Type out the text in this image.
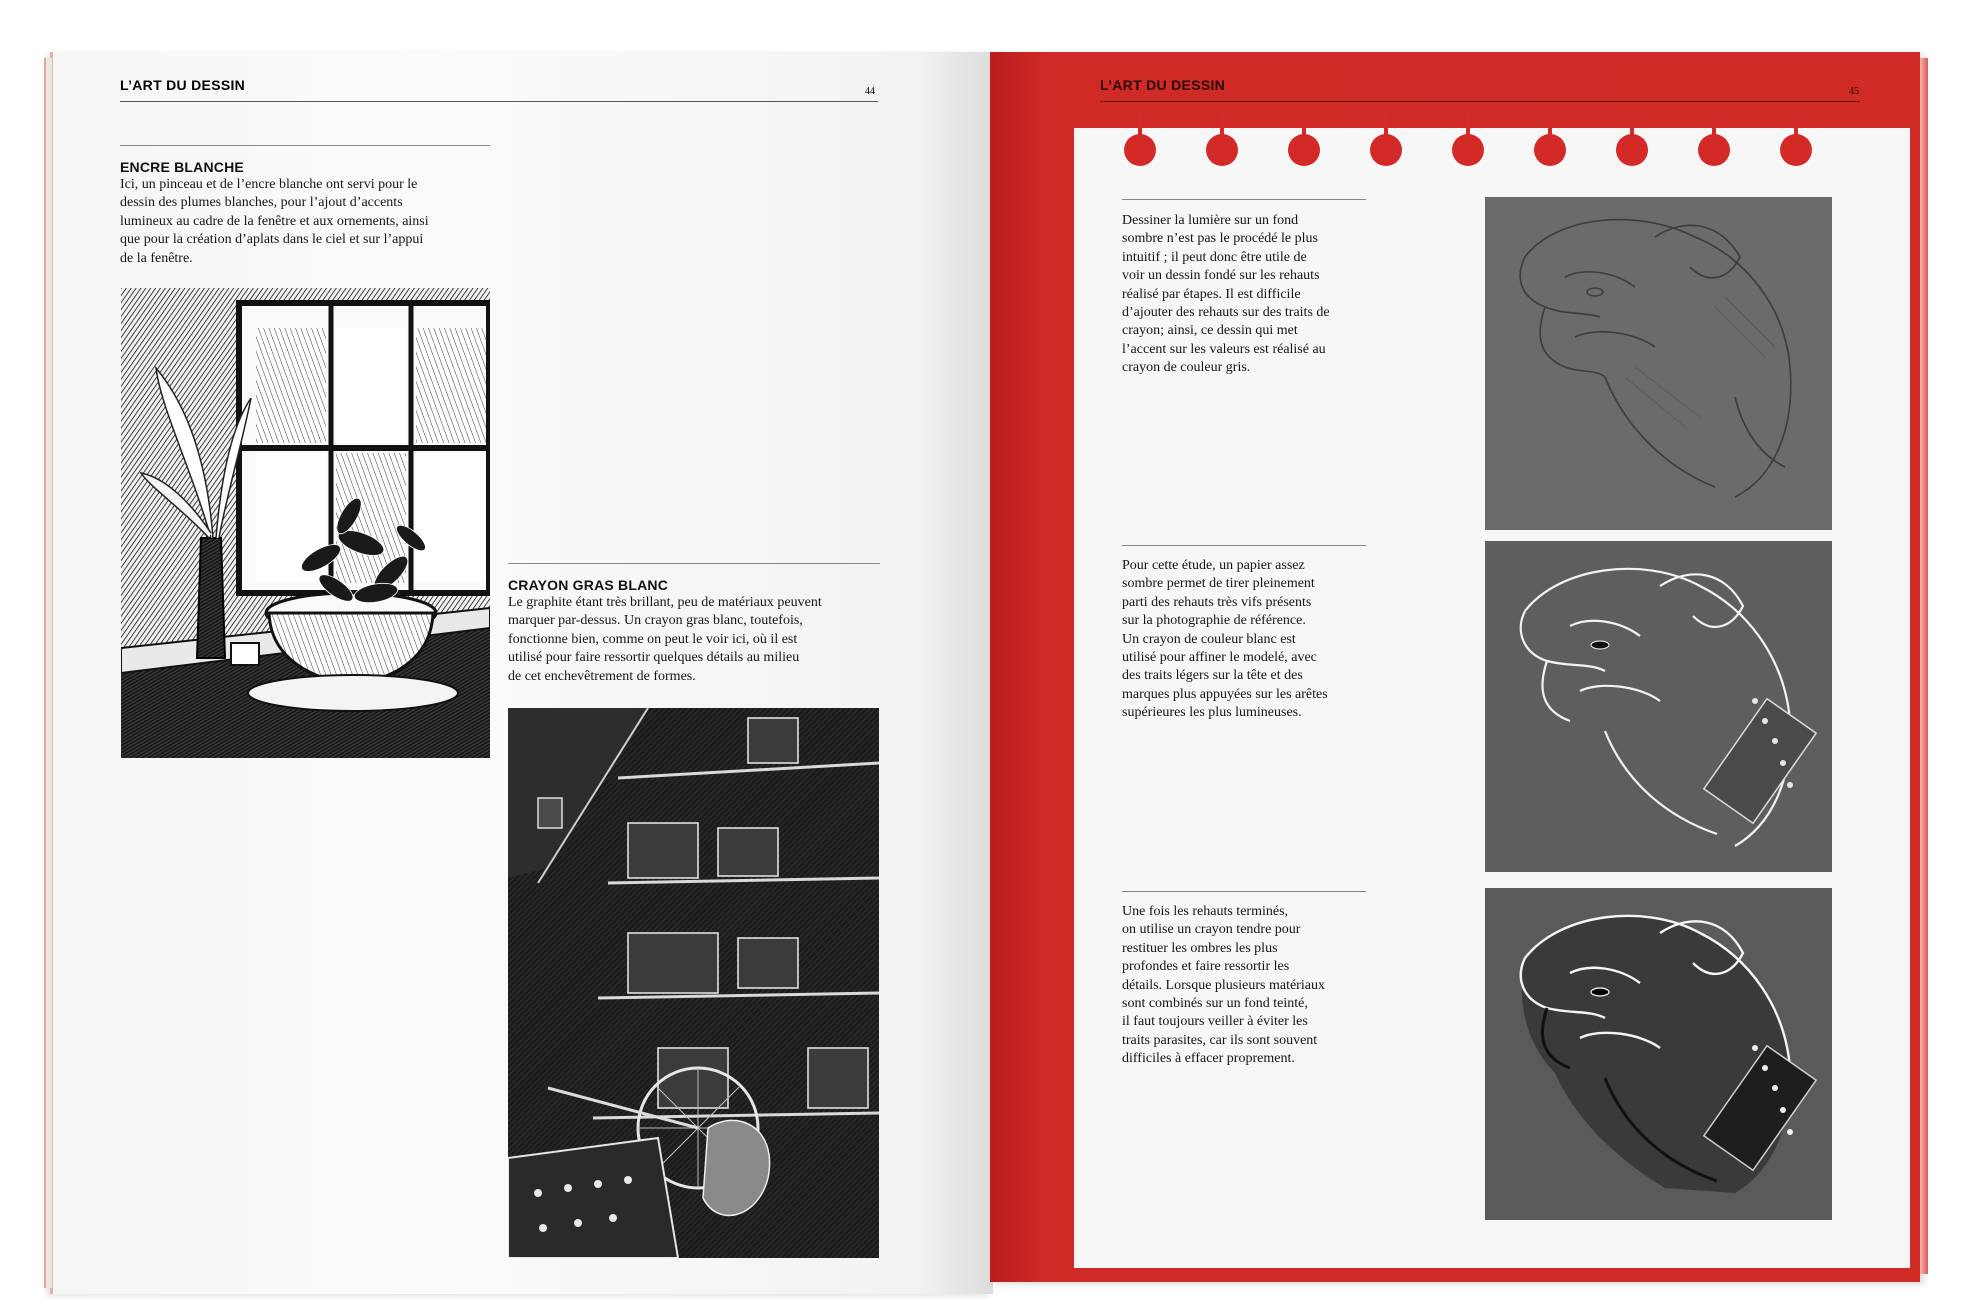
L’ART DU DESSIN	44
ENCRE BLANCHE
Ici, un pinceau et de l’encre blanche ont servi pour le
dessin des plumes blanches, pour l’ajout d’accents
lumineux au cadre de la fenêtre et aux ornements, ainsi
que pour la création d’aplats dans le ciel et sur l’appui
de la fenêtre.
CRAYON GRAS BLANC
Le graphite étant très brillant, peu de matériaux peuvent
marquer par-dessus. Un crayon gras blanc, toutefois,
fonctionne bien, comme on peut le voir ici, où il est
utilisé pour faire ressortir quelques détails au milieu
de cet enchevêtrement de formes.
L’ART DU DESSIN	45
Dessiner la lumière sur un fond
sombre n’est pas le procédé le plus
intuitif ; il peut donc être utile de
voir un dessin fondé sur les rehauts
réalisé par étapes. Il est difficile
d’ajouter des rehauts sur des traits de
crayon; ainsi, ce dessin qui met
l’accent sur les valeurs est réalisé au
crayon de couleur gris.
Pour cette étude, un papier assez
sombre permet de tirer pleinement
parti des rehauts très vifs présents
sur la photographie de référence.
Un crayon de couleur blanc est
utilisé pour affiner le modelé, avec
des traits légers sur la tête et des
marques plus appuyées sur les arêtes
supérieures les plus lumineuses.
Une fois les rehauts terminés,
on utilise un crayon tendre pour
restituer les ombres les plus
profondes et faire ressortir les
détails. Lorsque plusieurs matériaux
sont combinés sur un fond teinté,
il faut toujours veiller à éviter les
traits parasites, car ils sont souvent
difficiles à effacer proprement.
